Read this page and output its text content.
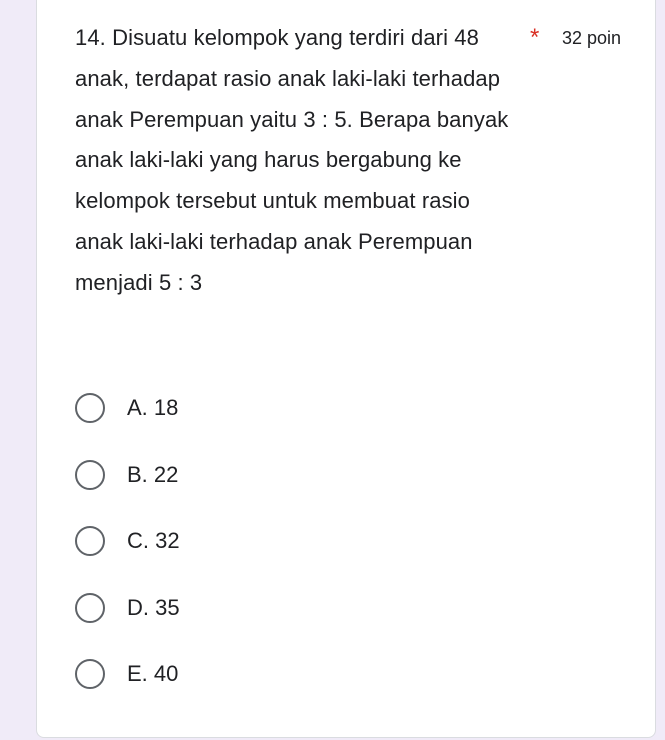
14. Disuatu kelompok yang terdiri dari 48 anak, terdapat rasio anak laki-laki terhadap anak Perempuan yaitu 3 : 5. Berapa banyak anak laki-laki yang harus bergabung ke kelompok tersebut untuk membuat rasio anak laki-laki terhadap anak Perempuan menjadi 5 : 3

* 32 poin
A. 18
B. 22
C. 32
D. 35
E. 40
